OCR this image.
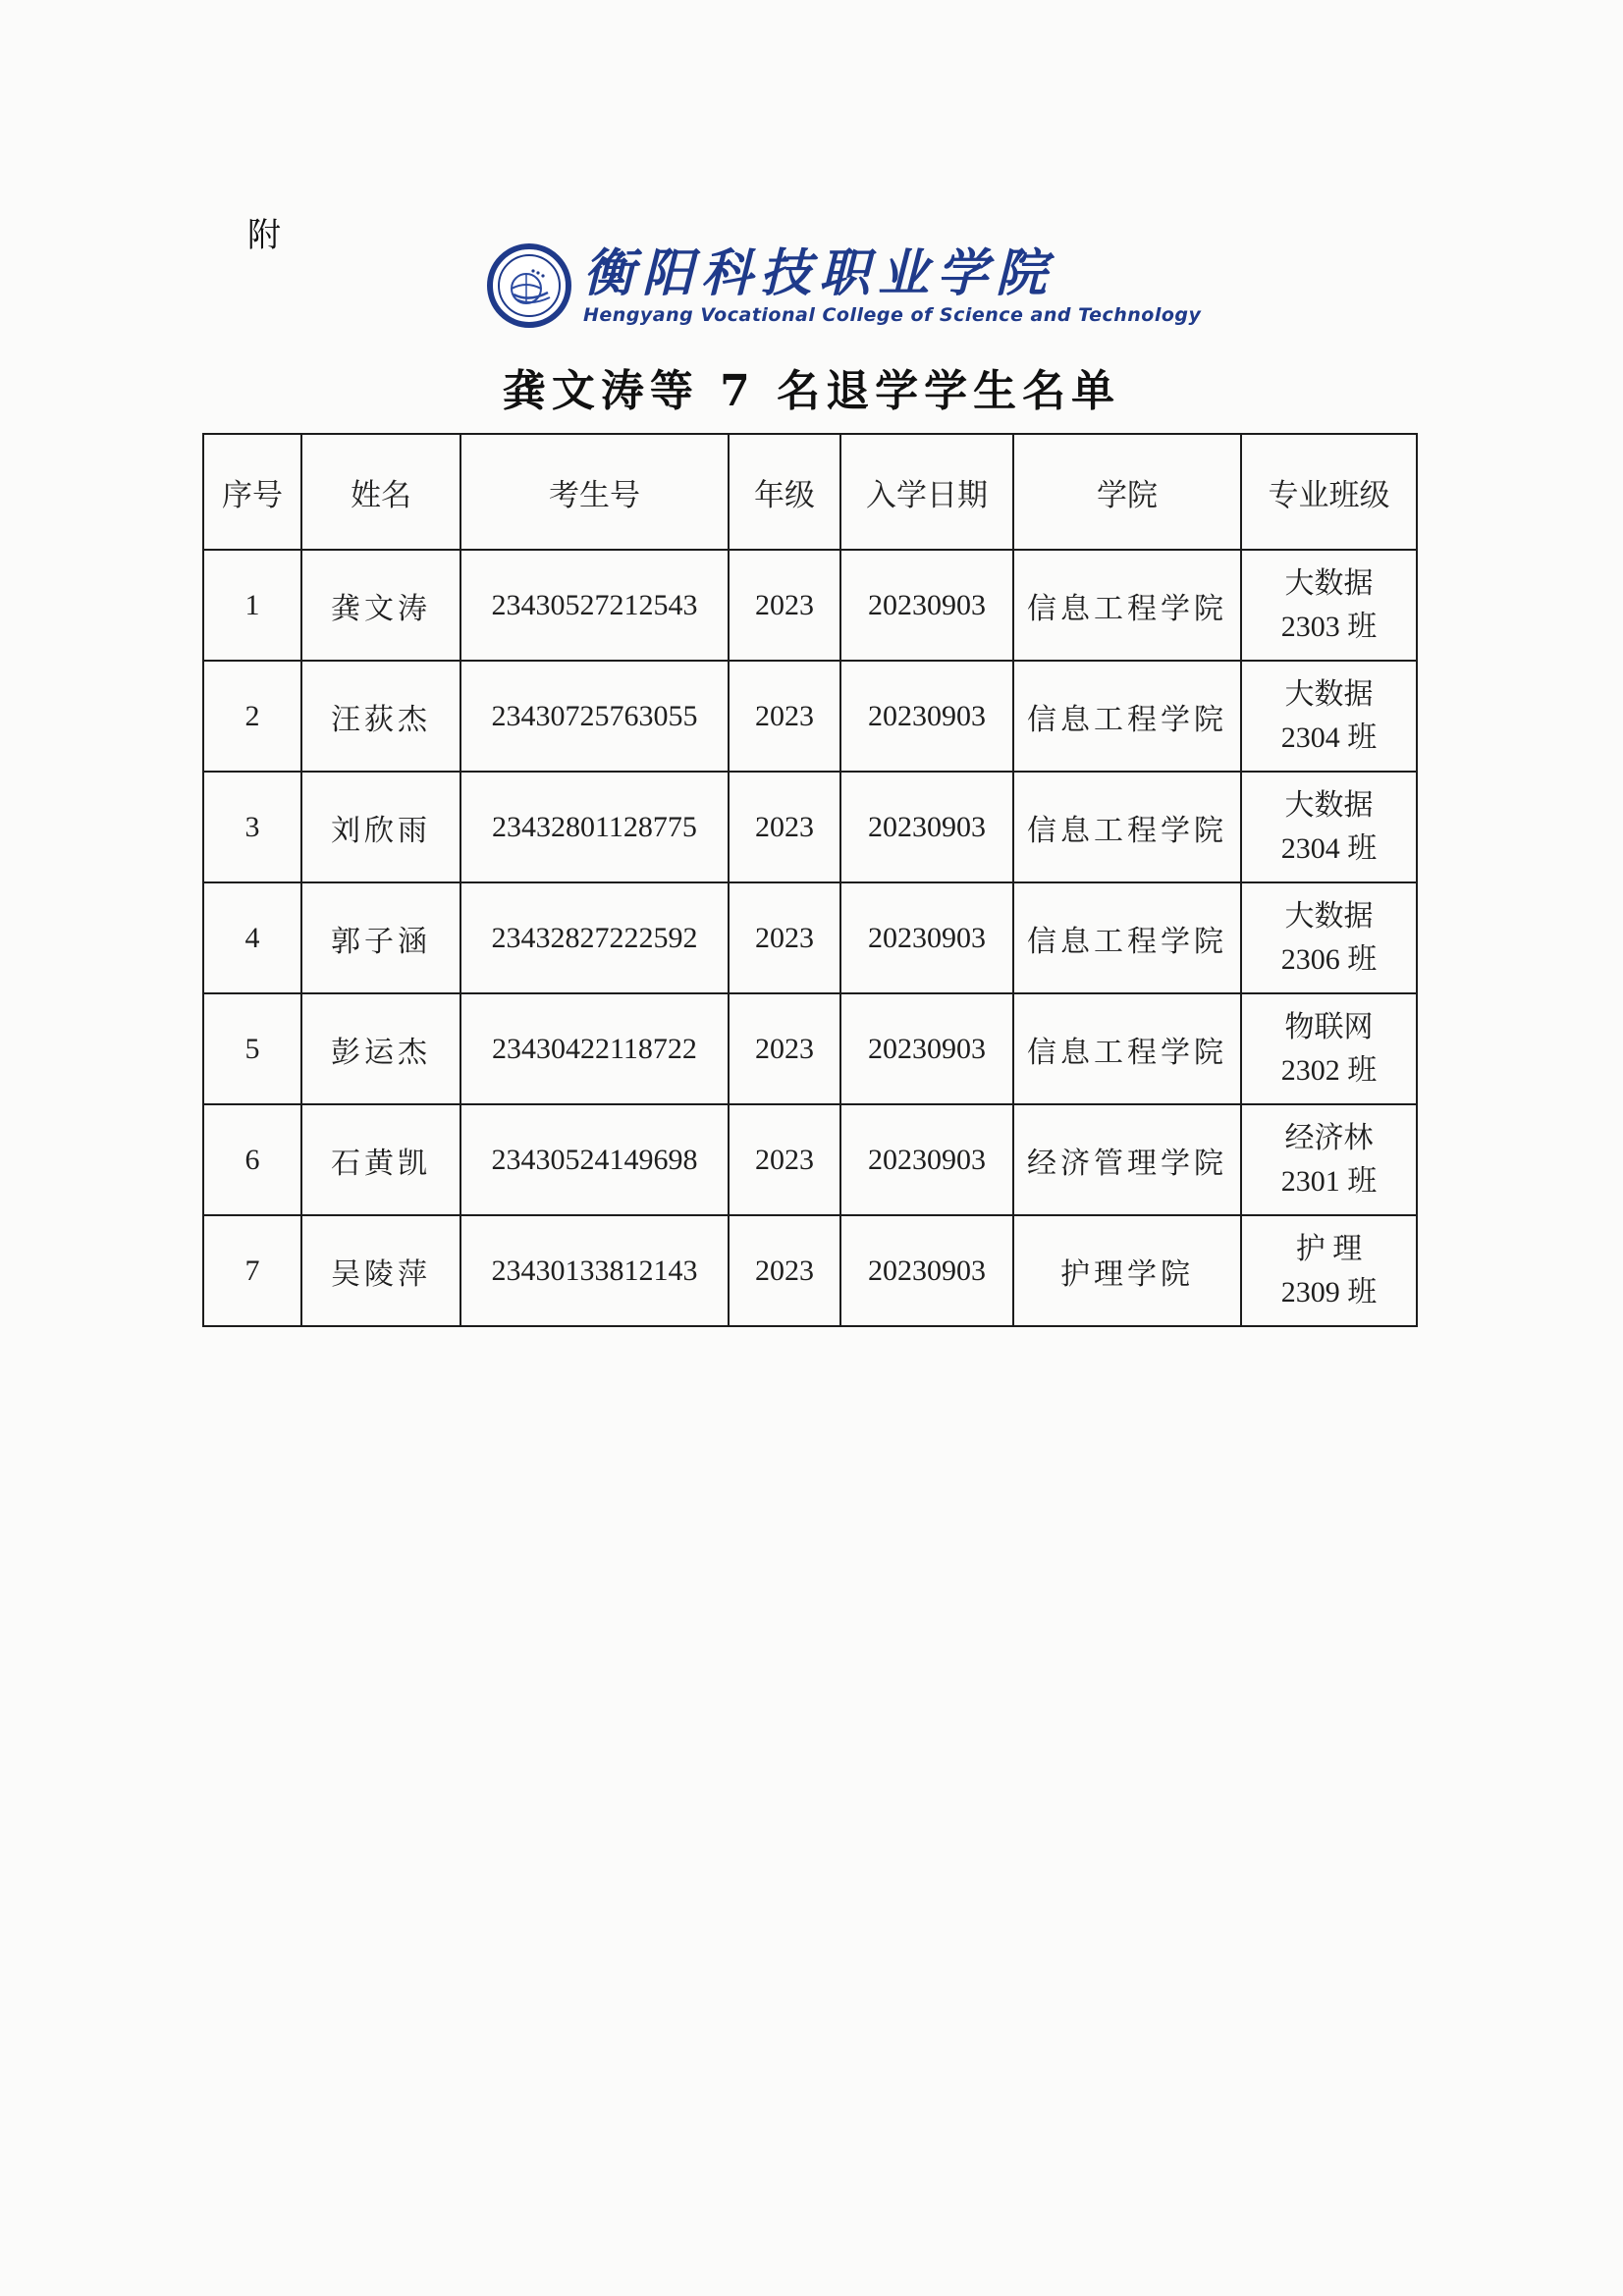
附
衡阳科技职业学院
Hengyang Vocational College of Science and Technology
龚文涛等 7 名退学学生名单
序号	姓名	考生号	年级	入学日期	学院	专业班级
1	龚文涛	23430527212543	2023	20230903	信息工程学院	大数据
2303 班

2	汪荻杰	23430725763055	2023	20230903	信息工程学院	大数据
2304 班

3	刘欣雨	23432801128775	2023	20230903	信息工程学院	大数据
2304 班

4	郭子涵	23432827222592	2023	20230903	信息工程学院	大数据
2306 班

5	彭运杰	23430422118722	2023	20230903	信息工程学院	物联网
2302 班

6	石黄凯	23430524149698	2023	20230903	经济管理学院	经济林
2301 班

7	吴陵萍	23430133812143	2023	20230903	护理学院	护 理
2309 班
